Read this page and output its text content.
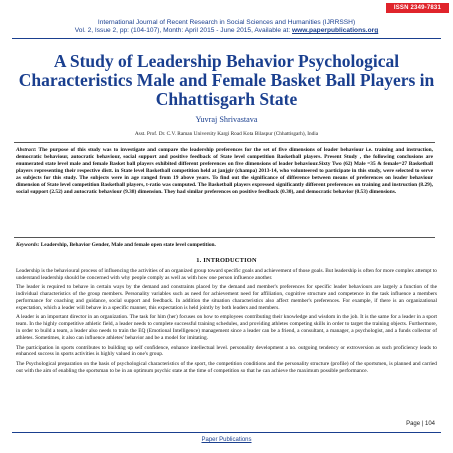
ISSN 2349-7831
International Journal of Recent Research in Social Sciences and Humanities (IJRRSSH)
Vol. 2, Issue 2, pp: (104-107), Month: April 2015 - June 2015, Available at: www.paperpublications.org
A Study of Leadership Behavior Psychological Characteristics Male and Female Basket Ball Players in Chhattisgarh State
Yuvraj Shrivastava
Asst. Prof. Dr. C.V. Raman University Kargi Road Kota Bilaspur (Chhattisgarh), India
Abstract: The purpose of this study was to investigate and compare the leadership preferences for the set of five dimensions of leader behaviour i.e. training and instruction, democratic behaviour, autocratic behaviour, social support and positive feedback of State level competition Basketball players. Present Study , the following conclusions are enumerated state level male and female Basket ball players exhibited different preferences on five dimensions of leader behaviour.Sixty Two (62) Male =35 & female=27 Basketball players representing their respective distt. in State level Basketball competition held at janjgir (champa) 2013-14, who volunteered to participate in this study, were selected to serve as subjects for this study. The subjects were in age ranged from 19 above years. To find out the significance of difference between means of preferences on leader behaviour dimension of State level competition Basketball players, t-ratio was computed. The Basketball players expressed significantly different preferences on training and instruction (8.29), social support (2.52) and autocratic behaviour (9.38) dimension. They had similar preferences on positive feedback (0.30), and democratic behavior (0.53) dimensions.
Keywords: Leadership, Behavior Gender, Male and female open state level competition.
1. INTRODUCTION

Leadership is the behavioural process of influencing the activities of an organized group toward specific goals and achievement of those goals. But leadership is often for more complex attempt to understand leadership should be concerned with why people comply as well as with how one person influence another.

The leader is required to behave in certain ways by the demand and constraints placed by the demand and member's preferences for specific leader behaviours are largely a function of the individual characteristics of the group members. Personality variables such as need for achievement need for affiliation, cognitive structure and competence in the task influence a members performance for coaching and guidance, social support and feedback. In addition the situation characteristics also affect member's preferences. For example, if there is an organizational expectation, which a leader will behave in a specific manner, this expectation is held jointly by both leaders and members.

A leader is an important director in an organization. The task for him (her) focuses on how to employees contributing their knowledge and wisdom in the job. It is the same for a leader in a sport team. In the highly competitive athletic field, a leader needs to complete successful training schedules, and providing athletes competing skills in order to target the training objects. Furthermore, in order to build a team, a leader also needs to train the EQ (Emotional Intelligence) management since a leader can be a friend, a consultant, a manager, a psychologist, and a funds collector of athletes. Sometimes, it also can influence athletes' behavior and be a model for imitating.

The participation in sports contributes to building up self confidence, enhance intellectual level. personality development a no. outgoing tendency or extroversion as such proficiency leads to enhanced success in sports activities is highly valued in one's group.

The Psychological preparation on the basis of psychological characteristics of the sport, the competition conditions and the personality structure (profile) of the sportsmen, is planned and carried out with the aim of enabling the sportsman to be in an optimum psychic state at the time of competition so that he can achieve the maximum possible performance.

Page | 104
Paper Publications
